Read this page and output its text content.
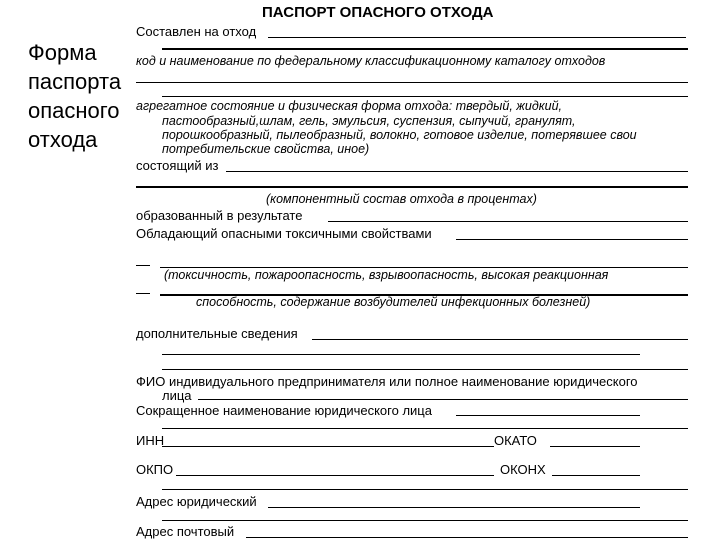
ПАСПОРТ ОПАСНОГО ОТХОДА
Форма
паспорта
опасного
отхода
Составлен на отход
код и наименование по федеральному классификационному каталогу отходов
агрегатное состояние и физическая форма отхода: твердый, жидкий,
пастообразный,шлам, гель, эмульсия, суспензия, сыпучий, гранулят,
порошкообразный, пылеобразный, волокно, готовое изделие, потерявшее свои
потребительские свойства, иное)
состоящий из
(компонентный состав отхода в процентах)
образованный в результате
Обладающий опасными токсичными свойствами
(токсичность, пожароопасность, взрывоопасность, высокая реакционная
способность, содержание возбудителей инфекционных болезней)
дополнительные сведения
ФИО индивидуального предпринимателя или полное наименование юридического
лица
Сокращенное наименование юридического лица
ИНН	ОКАТО
ОКПО	ОКОНХ
Адрес юридический
Адрес почтовый
